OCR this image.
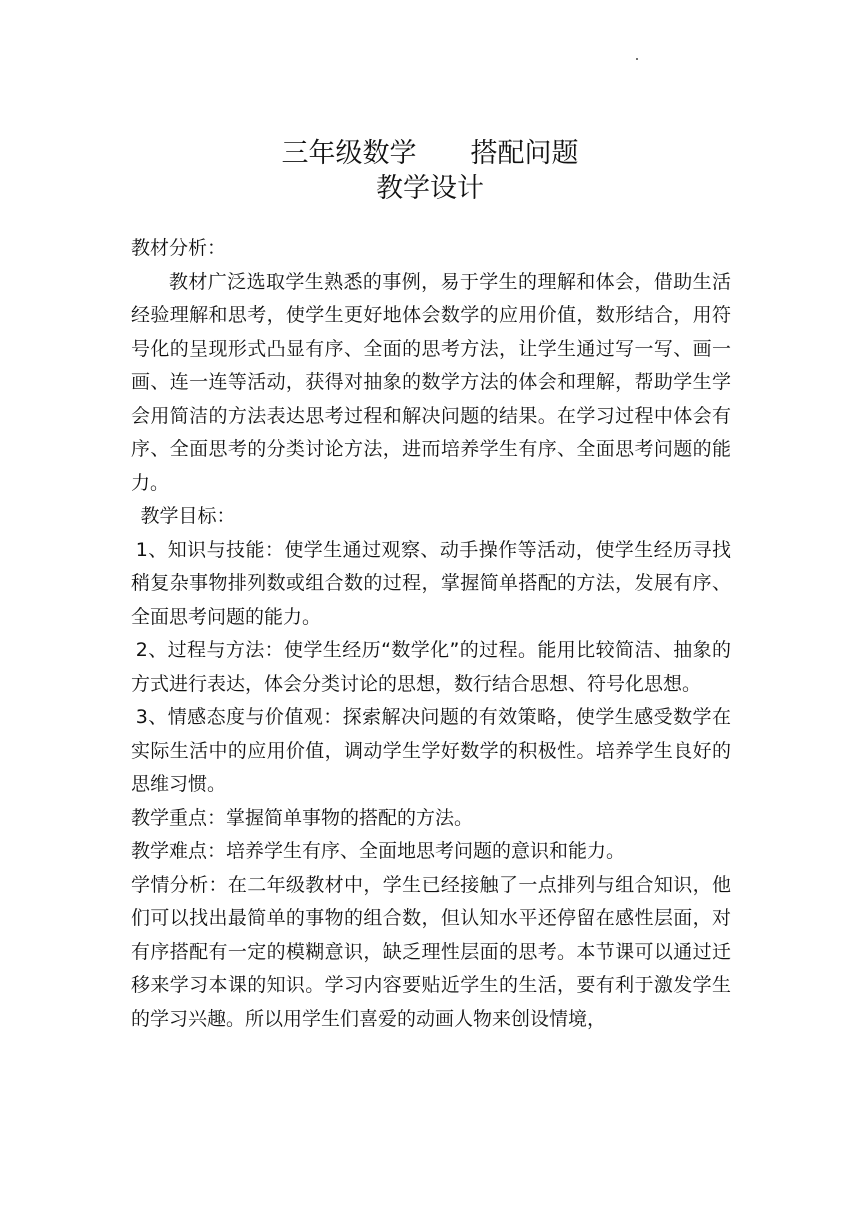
三年级数学　　搭配问题
教学设计

教材分析：

教材广泛选取学生熟悉的事例，易于学生的理解和体会，借助生活经验理解和思考，使学生更好地体会数学的应用价值，数形结合，用符号化的呈现形式凸显有序、全面的思考方法，让学生通过写一写、画一画、连一连等活动，获得对抽象的数学方法的体会和理解，帮助学生学会用简洁的方法表达思考过程和解决问题的结果。在学习过程中体会有序、全面思考的分类讨论方法，进而培养学生有序、全面思考问题的能力。

教学目标：

1、知识与技能：使学生通过观察、动手操作等活动，使学生经历寻找稍复杂事物排列数或组合数的过程，掌握简单搭配的方法，发展有序、全面思考问题的能力。

2、过程与方法：使学生经历“数学化”的过程。能用比较简洁、抽象的方式进行表达，体会分类讨论的思想，数行结合思想、符号化思想。

3、情感态度与价值观：探索解决问题的有效策略，使学生感受数学在实际生活中的应用价值，调动学生学好数学的积极性。培养学生良好的思维习惯。

教学重点：掌握简单事物的搭配的方法。

教学难点：培养学生有序、全面地思考问题的意识和能力。

学情分析：在二年级教材中，学生已经接触了一点排列与组合知识，他们可以找出最简单的事物的组合数，但认知水平还停留在感性层面，对有序搭配有一定的模糊意识，缺乏理性层面的思考。本节课可以通过迁移来学习本课的知识。学习内容要贴近学生的生活，要有利于激发学生的学习兴趣。所以用学生们喜爱的动画人物来创设情境，
